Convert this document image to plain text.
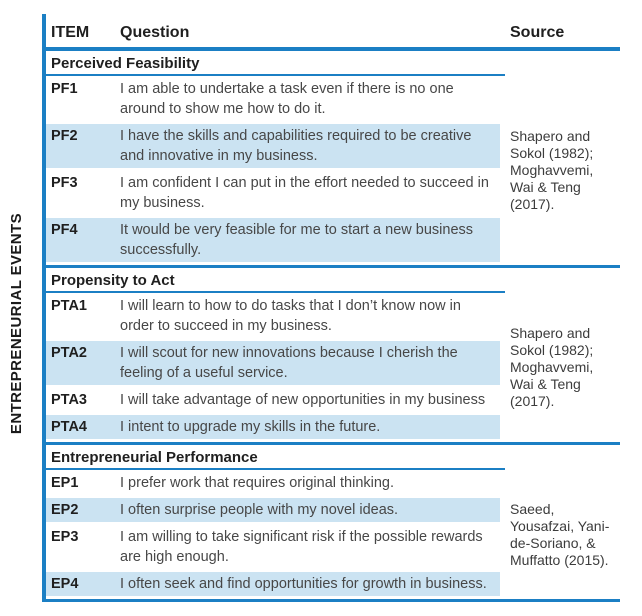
ENTREPRENEURIAL EVENTS
ITEM	Question	Source
Perceived Feasibility
PF1	I am able to undertake a task even if there is no one around to show me how to do it.
PF2	I have the skills and capabilities required to be creative and innovative in my business.
PF3	I am confident I can put in the effort needed to succeed in my business.
PF4	It would be very feasible for me to start a new business successfully.
Shapero and Sokol (1982); Moghavvemi, Wai & Teng (2017).
Propensity to Act
PTA1	I will learn to how to do tasks that I don’t know now in order to succeed in my business.
PTA2	I will scout for new innovations because I cherish the feeling of a useful service.
PTA3	I will take advantage of new opportunities in my business
PTA4	I intent to upgrade my skills in the future.
Shapero and Sokol (1982); Moghavvemi, Wai & Teng (2017).
Entrepreneurial Performance
EP1	I prefer work that requires original thinking.
EP2	I often surprise people with my novel ideas.
EP3	I am willing to take significant risk if the possible rewards are high enough.
EP4	I often seek and find opportunities for growth in business.
Saeed, Yousafzai, Yani-de-Soriano, & Muffatto (2015).
